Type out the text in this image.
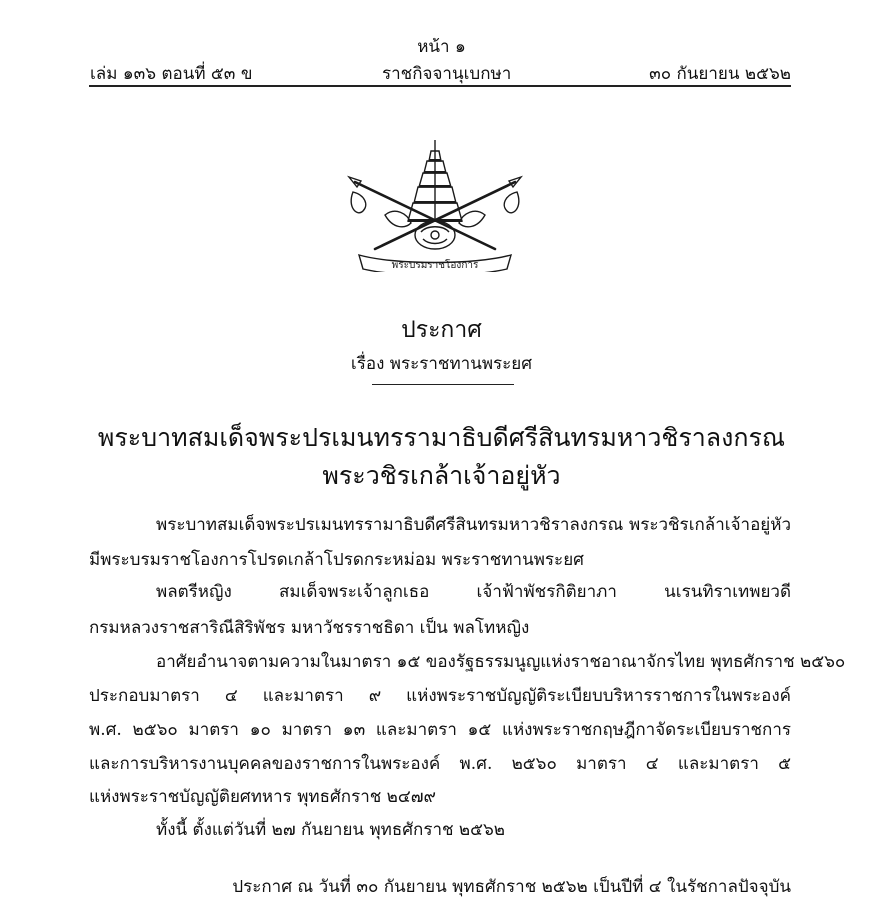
หน้า ๑
เล่ม ๑๓๖ ตอนที่ ๕๓ ข	ราชกิจจานุเบกษา	๓๐ กันยายน ๒๕๖๒
พระบรมราชโองการ
ประกาศ
เรื่อง พระราชทานพระยศ
พระบาทสมเด็จพระปรเมนทรรามาธิบดีศรีสินทรมหาวชิราลงกรณ
พระวชิรเกล้าเจ้าอยู่หัว
พระบาทสมเด็จพระปรเมนทรรามาธิบดีศรีสินทรมหาวชิราลงกรณ พระวชิรเกล้าเจ้าอยู่หัว
มีพระบรมราชโองการโปรดเกล้าโปรดกระหม่อม พระราชทานพระยศ
พลตรีหญิง สมเด็จพระเจ้าลูกเธอ เจ้าฟ้าพัชรกิติยาภา นเรนทิราเทพยวดี
กรมหลวงราชสาริณีสิริพัชร มหาวัชรราชธิดา เป็น พลโทหญิง
อาศัยอำนาจตามความในมาตรา ๑๕ ของรัฐธรรมนูญแห่งราชอาณาจักรไทย พุทธศักราช ๒๕๖๐
ประกอบมาตรา ๔ และมาตรา ๙ แห่งพระราชบัญญัติระเบียบบริหารราชการในพระองค์
พ.ศ. ๒๕๖๐ มาตรา ๑๐ มาตรา ๑๓ และมาตรา ๑๕ แห่งพระราชกฤษฎีกาจัดระเบียบราชการ
และการบริหารงานบุคคลของราชการในพระองค์ พ.ศ. ๒๕๖๐ มาตรา ๔ และมาตรา ๕
แห่งพระราชบัญญัติยศทหาร พุทธศักราช ๒๔๗๙
ทั้งนี้ ตั้งแต่วันที่ ๒๗ กันยายน พุทธศักราช ๒๕๖๒
ประกาศ ณ วันที่ ๓๐ กันยายน พุทธศักราช ๒๕๖๒ เป็นปีที่ ๔ ในรัชกาลปัจจุบัน
